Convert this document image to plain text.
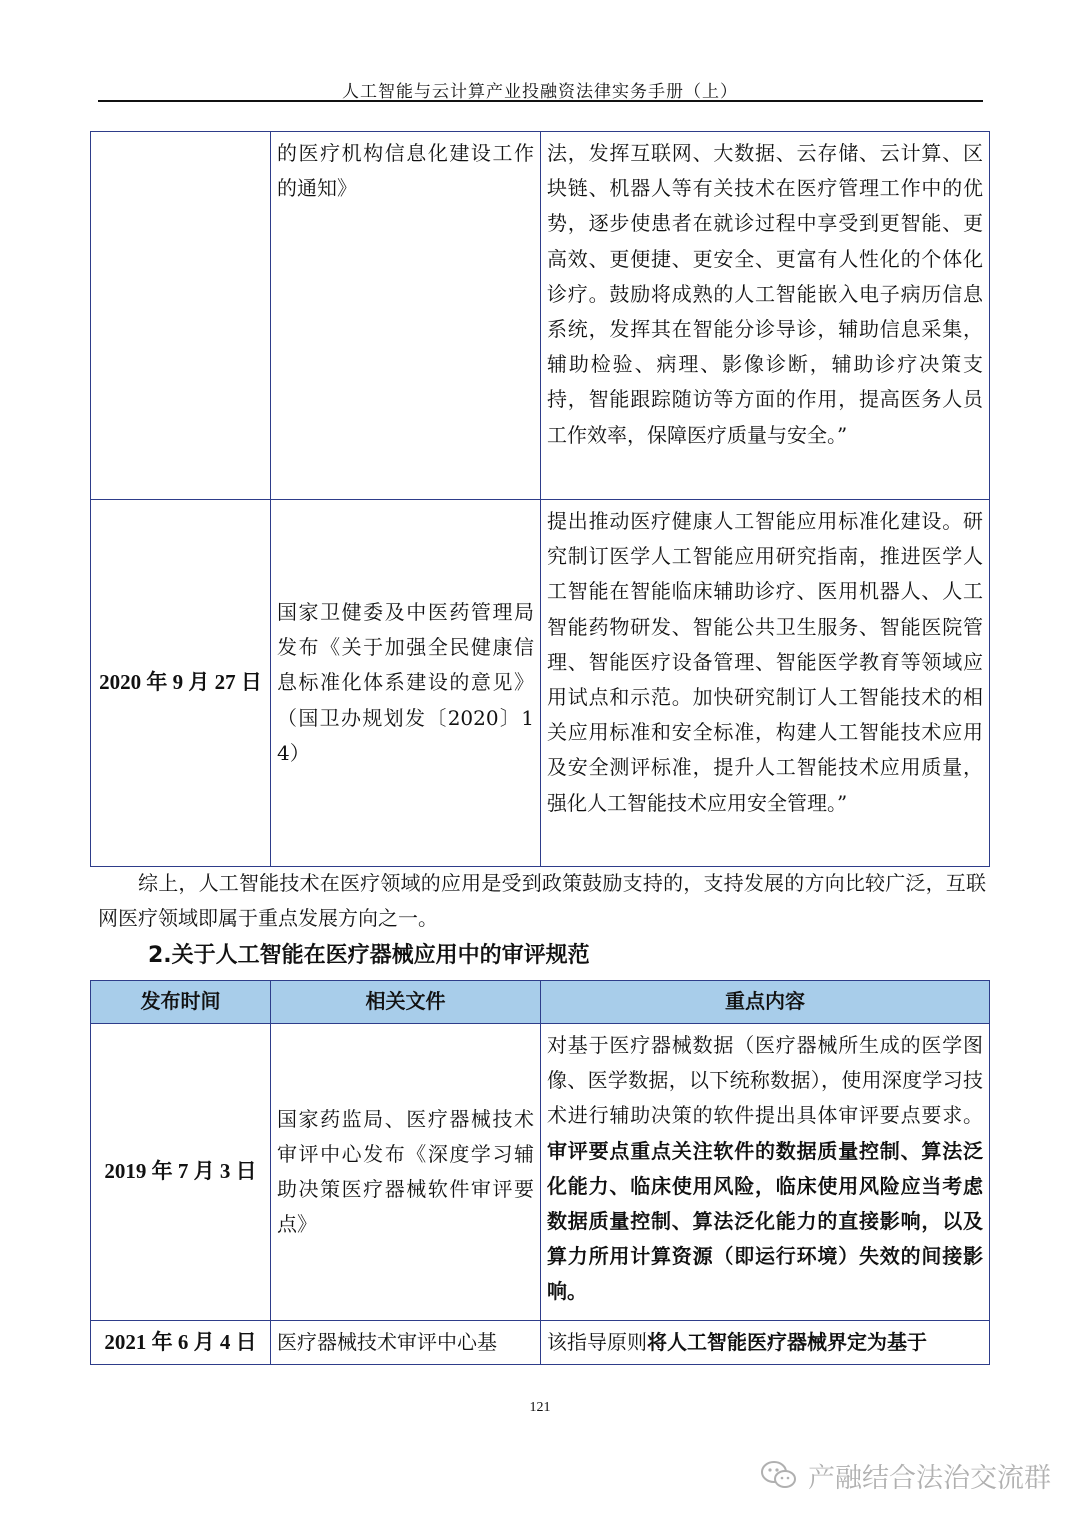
人工智能与云计算产业投融资法律实务手册（上）
	的医疗机构信息化建设工作的通知》	法，发挥互联网、大数据、云存储、云计算、区块链、机器人等有关技术在医疗管理工作中的优势，逐步使患者在就诊过程中享受到更智能、更高效、更便捷、更安全、更富有人性化的个体化诊疗。鼓励将成熟的人工智能嵌入电子病历信息系统，发挥其在智能分诊导诊，辅助信息采集，辅助检验、病理、影像诊断，辅助诊疗决策支持，智能跟踪随访等方面的作用，提高医务人员工作效率，保障医疗质量与安全。”
2020 年 9 月 27 日	国家卫健委及中医药管理局发布《关于加强全民健康信息标准化体系建设的意见》（国卫办规划发〔2020〕14）	提出推动医疗健康人工智能应用标准化建设。研究制订医学人工智能应用研究指南，推进医学人工智能在智能临床辅助诊疗、医用机器人、人工智能药物研发、智能公共卫生服务、智能医院管理、智能医疗设备管理、智能医学教育等领域应用试点和示范。加快研究制订人工智能技术的相关应用标准和安全标准，构建人工智能技术应用及安全测评标准，提升人工智能技术应用质量，强化人工智能技术应用安全管理。”

综上，人工智能技术在医疗领域的应用是受到政策鼓励支持的，支持发展的方向比较广泛，互联网医疗领域即属于重点发展方向之一。

2.关于人工智能在医疗器械应用中的审评规范
发布时间	相关文件	重点内容
2019 年 7 月 3 日	国家药监局、医疗器械技术审评中心发布《深度学习辅助决策医疗器械软件审评要点》	对基于医疗器械数据（医疗器械所生成的医学图像、医学数据，以下统称数据），使用深度学习技术进行辅助决策的软件提出具体审评要点要求。审评要点重点关注软件的数据质量控制、算法泛化能力、临床使用风险，临床使用风险应当考虑数据质量控制、算法泛化能力的直接影响，以及算力所用计算资源（即运行环境）失效的间接影响。
2021 年 6 月 4 日	医疗器械技术审评中心基	该指导原则将人工智能医疗器械界定为基于
121
产融结合法治交流群
